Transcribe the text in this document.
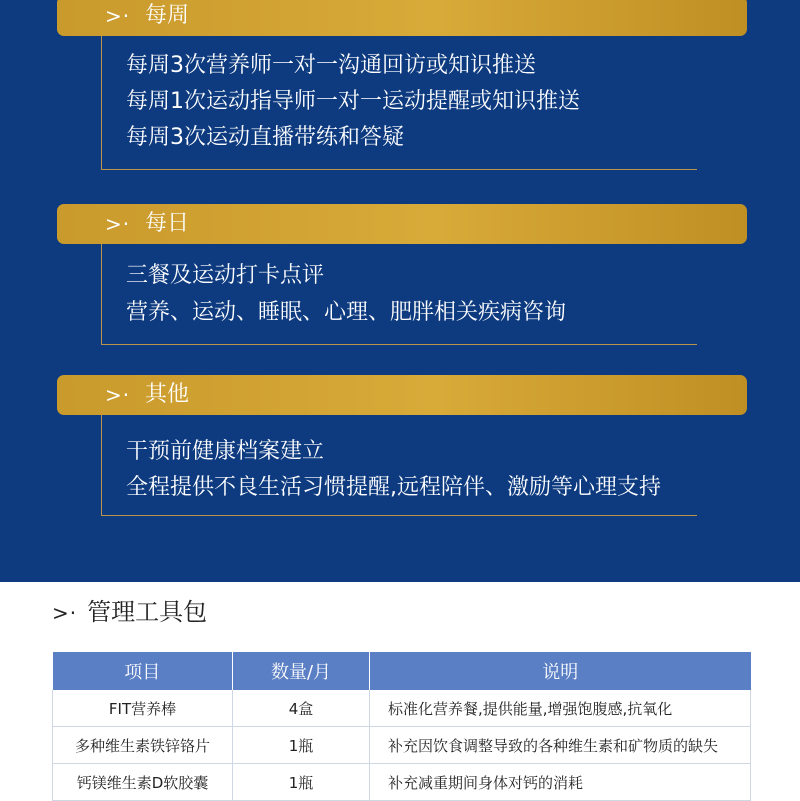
>· 每周
每周3次营养师一对一沟通回访或知识推送
每周1次运动指导师一对一运动提醒或知识推送
每周3次运动直播带练和答疑
>· 每日
三餐及运动打卡点评
营养、运动、睡眠、心理、肥胖相关疾病咨询
>· 其他
干预前健康档案建立
全程提供不良生活习惯提醒,远程陪伴、激励等心理支持
>· 管理工具包
项目	数量/月	说明
FIT营养棒	4盒	标准化营养餐,提供能量,增强饱腹感,抗氧化
多种维生素铁锌铬片	1瓶	补充因饮食调整导致的各种维生素和矿物质的缺失
钙镁维生素D软胶囊	1瓶	补充减重期间身体对钙的消耗
